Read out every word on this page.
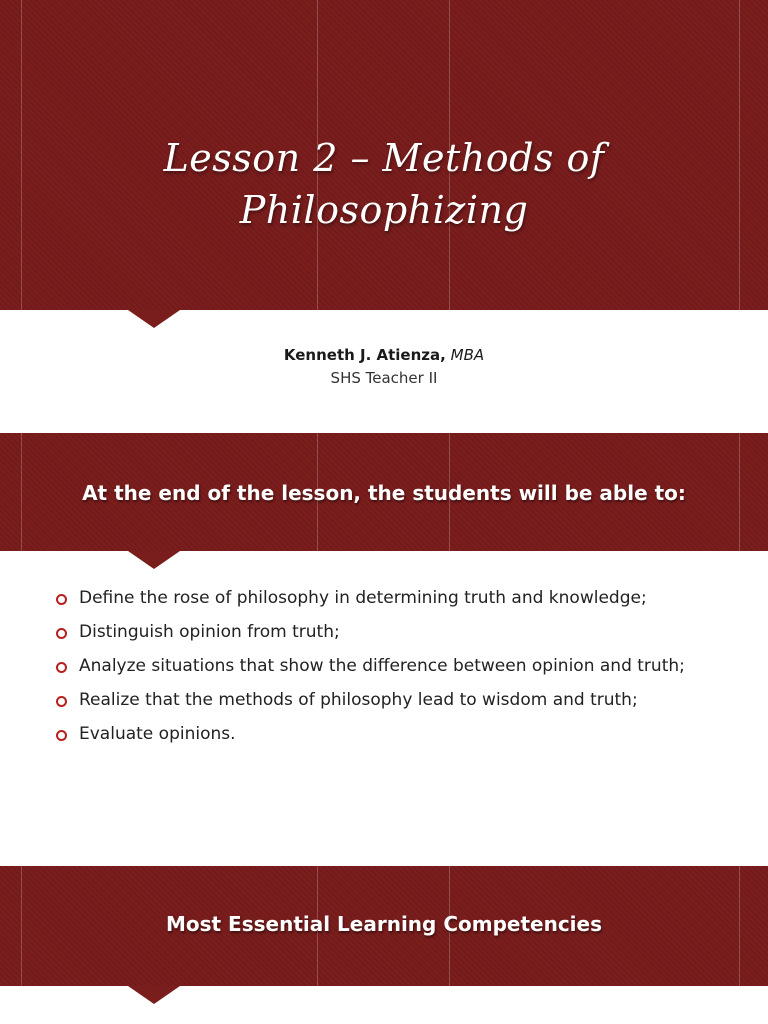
Lesson 2 – Methods of
Philosophizing
Kenneth J. Atienza, MBA
SHS Teacher II
At the end of the lesson, the students will be able to:
Define the rose of philosophy in determining truth and knowledge;
Distinguish opinion from truth;
Analyze situations that show the difference between opinion and truth;
Realize that the methods of philosophy lead to wisdom and truth;
Evaluate opinions.
Most Essential Learning Competencies
